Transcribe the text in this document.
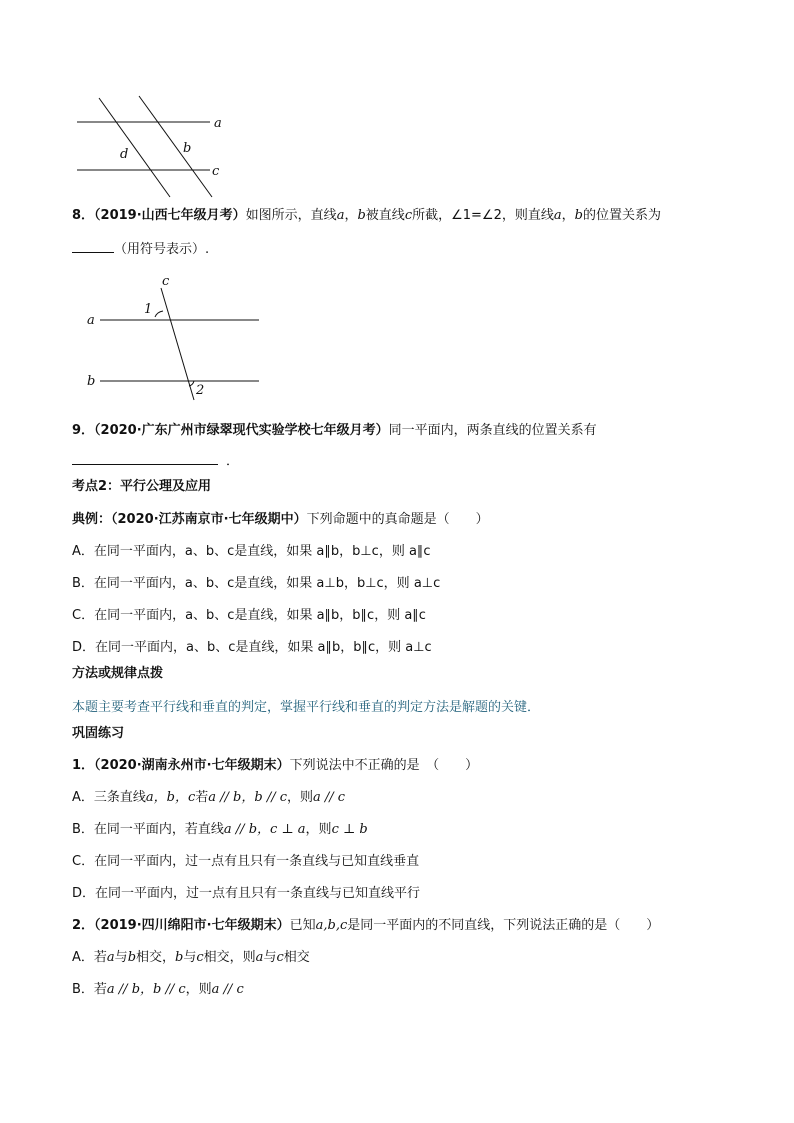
a
b
c
d
8．（2019·山西七年级月考）如图所示，直线a，b被直线c所截，∠1=∠2，则直线a，b的位置关系为
（用符号表示）.
c
a
b
1
2
9．（2020·广东广州市绿翠现代实验学校七年级月考）同一平面内，两条直线的位置关系有
．
考点2：平行公理及应用
典例：（2020·江苏南京市·七年级期中）下列命题中的真命题是（　　）
A．在同一平面内，a、b、c是直线，如果 a∥b，b⊥c，则 a∥c
B．在同一平面内，a、b、c是直线，如果 a⊥b，b⊥c，则 a⊥c
C．在同一平面内，a、b、c是直线，如果 a∥b，b∥c，则 a∥c
D．在同一平面内，a、b、c是直线，如果 a∥b，b∥c，则 a⊥c
方法或规律点拨
本题主要考查平行线和垂直的判定，掌握平行线和垂直的判定方法是解题的关键．
巩固练习
1．（2020·湖南永州市·七年级期末）下列说法中不正确的是　（　　）
A．三条直线a，b，c若a // b，b // c，则a // c
B．在同一平面内，若直线a // b，c ⊥ a，则c ⊥ b
C．在同一平面内，过一点有且只有一条直线与已知直线垂直
D．在同一平面内，过一点有且只有一条直线与已知直线平行
2．（2019·四川绵阳市·七年级期末）已知a,b,c是同一平面内的不同直线，下列说法正确的是（　　）
A．若a与b相交，b与c相交，则a与c相交
B．若a // b，b // c，则a // c
